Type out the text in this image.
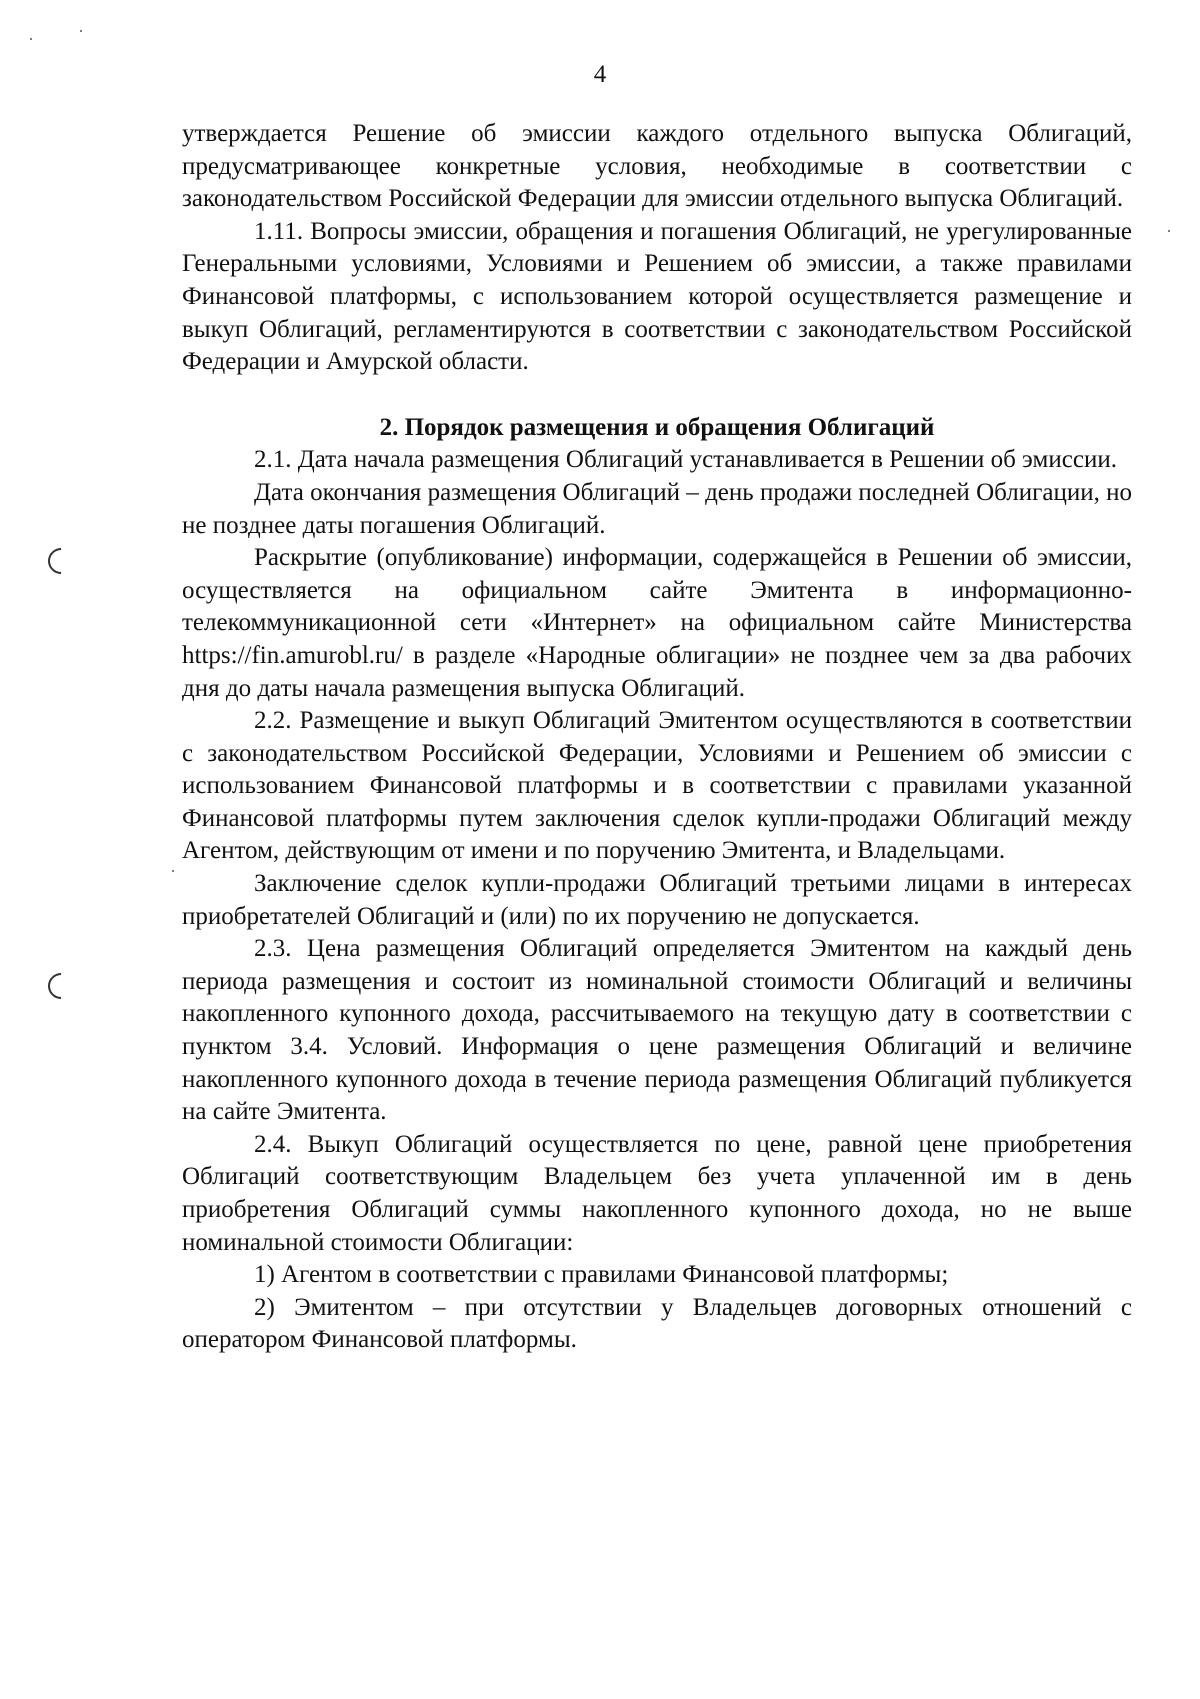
4

утверждается Решение об эмиссии каждого отдельного выпуска Облигаций, предусматривающее конкретные условия, необходимые в соответствии с законодательством Российской Федерации для эмиссии отдельного выпуска Облигаций.

1.11. Вопросы эмиссии, обращения и погашения Облигаций, не урегулированные Генеральными условиями, Условиями и Решением об эмиссии, а также правилами Финансовой платформы, с использованием которой осуществляется размещение и выкуп Облигаций, регламентируются в соответствии с законодательством Российской Федерации и Амурской области.

2. Порядок размещения и обращения Облигаций

2.1. Дата начала размещения Облигаций устанавливается в Решении об эмиссии.

Дата окончания размещения Облигаций – день продажи последней Облигации, но не позднее даты погашения Облигаций.

Раскрытие (опубликование) информации, содержащейся в Решении об эмиссии, осуществляется на официальном сайте Эмитента в информационно-телекоммуникационной сети «Интернет» на официальном сайте Министерства https://fin.amurobl.ru/ в разделе «Народные облигации» не позднее чем за два рабочих дня до даты начала размещения выпуска Облигаций.

2.2. Размещение и выкуп Облигаций Эмитентом осуществляются в соответствии с законодательством Российской Федерации, Условиями и Решением об эмиссии с использованием Финансовой платформы и в соответствии с правилами указанной Финансовой платформы путем заключения сделок купли-продажи Облигаций между Агентом, действующим от имени и по поручению Эмитента, и Владельцами.

Заключение сделок купли-продажи Облигаций третьими лицами в интересах приобретателей Облигаций и (или) по их поручению не допускается.

2.3. Цена размещения Облигаций определяется Эмитентом на каждый день периода размещения и состоит из номинальной стоимости Облигаций и величины накопленного купонного дохода, рассчитываемого на текущую дату в соответствии с пунктом 3.4. Условий. Информация о цене размещения Облигаций и величине накопленного купонного дохода в течение периода размещения Облигаций публикуется на сайте Эмитента.

2.4. Выкуп Облигаций осуществляется по цене, равной цене приобретения Облигаций соответствующим Владельцем без учета уплаченной им в день приобретения Облигаций суммы накопленного купонного дохода, но не выше номинальной стоимости Облигации:

1) Агентом в соответствии с правилами Финансовой платформы;

2) Эмитентом – при отсутствии у Владельцев договорных отношений с оператором Финансовой платформы.
